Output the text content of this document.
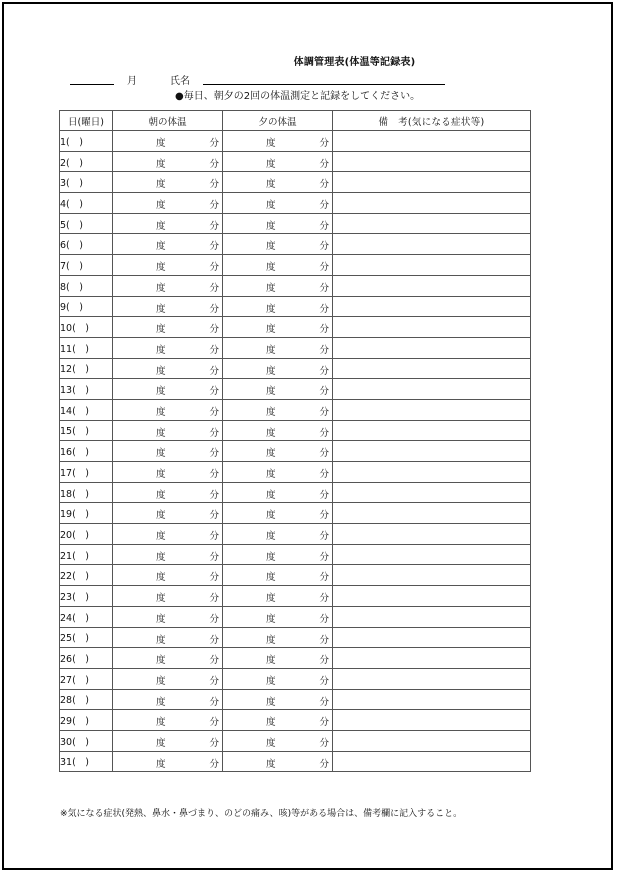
体調管理表(体温等記録表)
月	氏名
●毎日、朝夕の2回の体温測定と記録をしてください。
日(曜日)	朝の体温	夕の体温	備　考(気になる症状等)
1(　)	度 分	度 分	

2(　)	度 分	度 分	

3(　)	度 分	度 分	

4(　)	度 分	度 分	

5(　)	度 分	度 分	

6(　)	度 分	度 分	

7(　)	度 分	度 分	

8(　)	度 分	度 分	

9(　)	度 分	度 分	

10(　)	度 分	度 分	

11(　)	度 分	度 分	

12(　)	度 分	度 分	

13(　)	度 分	度 分	

14(　)	度 分	度 分	

15(　)	度 分	度 分	

16(　)	度 分	度 分	

17(　)	度 分	度 分	

18(　)	度 分	度 分	

19(　)	度 分	度 分	

20(　)	度 分	度 分	

21(　)	度 分	度 分	

22(　)	度 分	度 分	

23(　)	度 分	度 分	

24(　)	度 分	度 分	

25(　)	度 分	度 分	

26(　)	度 分	度 分	

27(　)	度 分	度 分	

28(　)	度 分	度 分	

29(　)	度 分	度 分	

30(　)	度 分	度 分	

31(　)	度 分	度 分	

※気になる症状(発熱、鼻水・鼻づまり、のどの痛み、咳)等がある場合は、備考欄に記入すること。
